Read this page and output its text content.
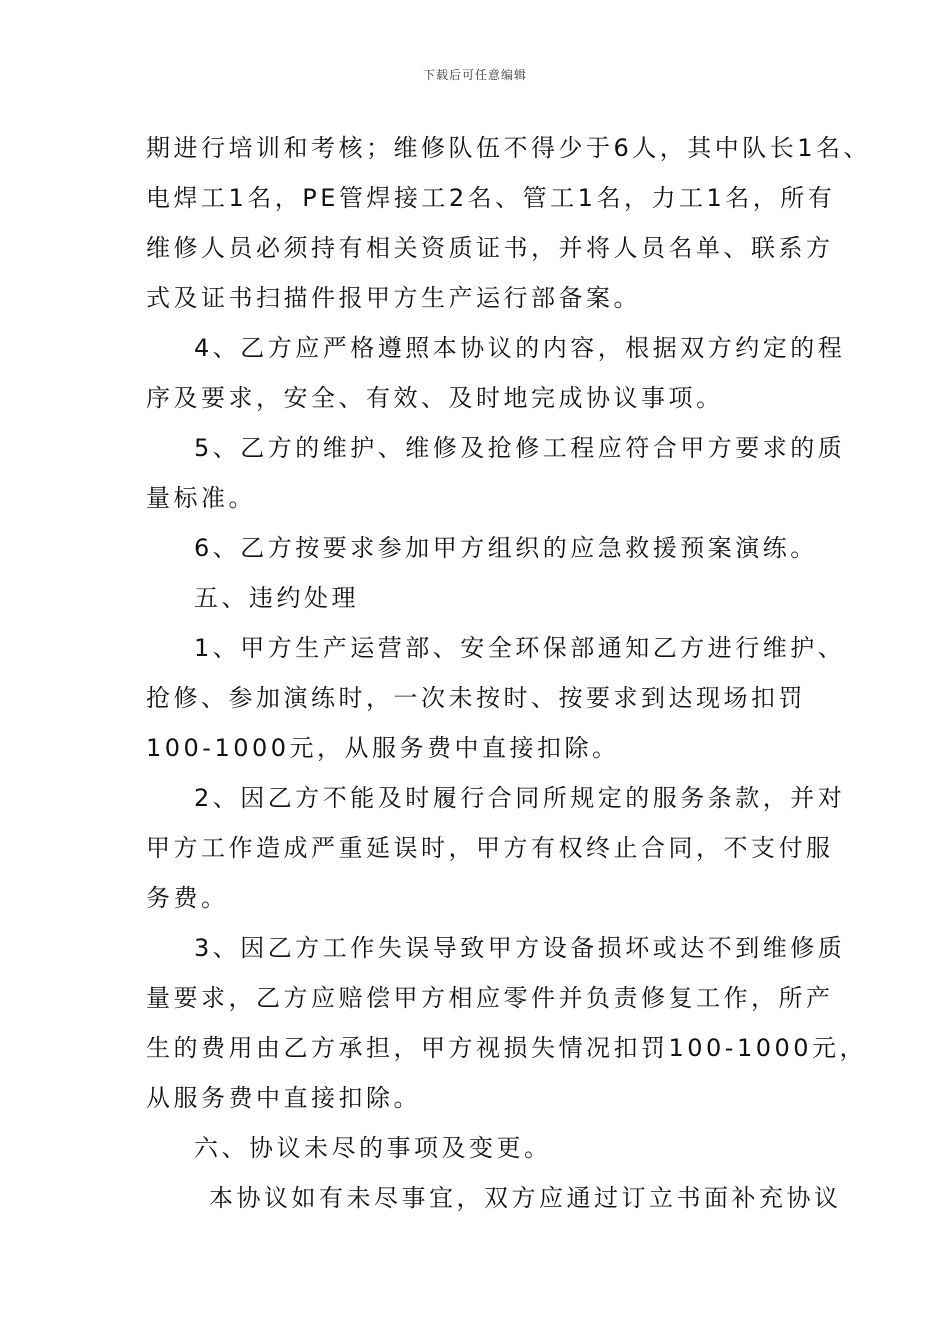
下载后可任意编辑
期进行培训和考核；维修队伍不得少于6人，其中队长1名、
电焊工1名，PE管焊接工2名、管工1名，力工1名，所有
维修人员必须持有相关资质证书，并将人员名单、联系方
式及证书扫描件报甲方生产运行部备案。
4、乙方应严格遵照本协议的内容，根据双方约定的程
序及要求，安全、有效、及时地完成协议事项。
5、乙方的维护、维修及抢修工程应符合甲方要求的质
量标准。
6、乙方按要求参加甲方组织的应急救援预案演练。
五、违约处理
1、甲方生产运营部、安全环保部通知乙方进行维护、
抢修、参加演练时，一次未按时、按要求到达现场扣罚
100-1000元，从服务费中直接扣除。
2、因乙方不能及时履行合同所规定的服务条款，并对
甲方工作造成严重延误时，甲方有权终止合同，不支付服
务费。
3、因乙方工作失误导致甲方设备损坏或达不到维修质
量要求，乙方应赔偿甲方相应零件并负责修复工作，所产
生的费用由乙方承担，甲方视损失情况扣罚100-1000元，
从服务费中直接扣除。
六、协议未尽的事项及变更。
本协议如有未尽事宜，双方应通过订立书面补充协议
